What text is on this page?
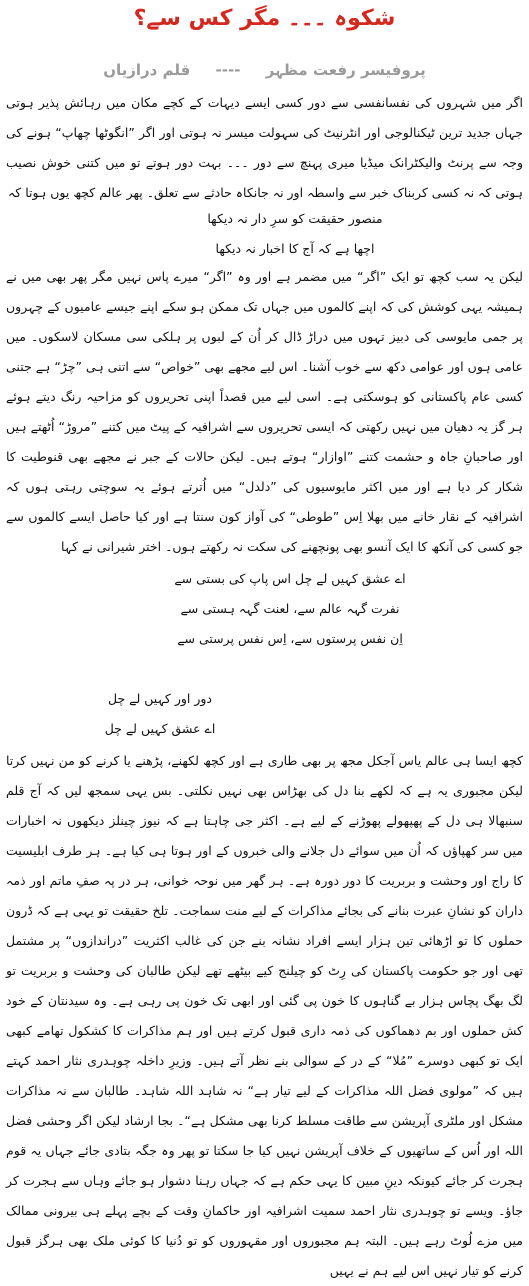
شکوہ ۔۔۔ مگر کس سے؟
پروفیسر رفعت مظہر ---- قلم درازیاں

اگر میں شہروں کی نفسانفسی سے دور کسی ایسے دیہات کے کچے مکان میں رہائش پذیر ہوتی جہاں جدید ترین ٹیکنالوجی اور انٹرنیٹ کی سہولت میسر نہ ہوتی اور اگر ”انگوٹھا چھاپ“ ہونے کی وجہ سے پرنٹ والیکٹرانک میڈیا میری پہنچ سے دور ۔۔۔ بہت دور ہوتے تو میں کتنی خوش نصیب ہوتی کہ نہ کسی کربناک خبر سے واسطہ اور نہ جانکاہ حادثے سے تعلق۔ پھر عالم کچھ یوں ہوتا کہ

منصور حقیقت کو سرِ دار نہ دیکھا
اچھا ہے کہ آج کا اخبار نہ دیکھا

لیکن یہ سب کچھ تو ایک ”اگر“ میں مضمر ہے اور وہ ”اگر“ میرے پاس نہیں مگر پھر بھی میں نے ہمیشہ یہی کوشش کی کہ اپنے کالموں میں جہاں تک ممکن ہو سکے اپنے جیسے عامیوں کے چہروں پر جمی مایوسی کی دبیز تہوں میں دراڑ ڈال کر اُن کے لبوں پر ہلکی سی مسکان لاسکوں۔ میں عامی ہوں اور عوامی دکھ سے خوب آشنا۔ اس لیے مجھے بھی ”خواص“ سے اتنی ہی ”چڑ“ ہے جتنی کسی عام پاکستانی کو ہوسکتی ہے۔ اسی لیے میں قصداً اپنی تحریروں کو مزاحیہ رنگ دیتے ہوئے ہر گز یہ دھیان میں نہیں رکھتی کہ ایسی تحریروں سے اشرافیہ کے پیٹ میں کتنے ”مروڑ“ اُٹھتے ہیں اور صاحبانِ جاہ و حشمت کتنے ”اوازار“ ہوتے ہیں۔ لیکن حالات کے جبر نے مجھے بھی قنوطیت کا شکار کر دیا ہے اور میں اکثر مایوسیوں کی ”دلدل“ میں اُترتے ہوئے یہ سوچتی رہتی ہوں کہ اشرافیہ کے نقار خانے میں بھلا اِس ”طوطی“ کی آواز کون سنتا ہے اور کیا حاصل ایسے کالموں سے جو کسی کی آنکھ کا ایک آنسو بھی پونچھنے کی سکت نہ رکھتے ہوں۔ اختر شیرانی نے کہا

اے عشق کہیں لے چل اس پاپ کی بستی سے
نفرت گہہ عالم سے، لعنت گہہ ہستی سے
اِن نفس پرستوں سے، اِس نفس پرستی سے
دور اور کہیں لے چل
اے عشق کہیں لے چل

کچھ ایسا ہی عالم یاس آجکل مجھ پر بھی طاری ہے اور کچھ لکھنے، پڑھنے یا کرنے کو من نہیں کرتا لیکن مجبوری یہ ہے کہ لکھے بنا دل کی بھڑاس بھی نہیں نکلتی۔ بس یہی سمجھ لیں کہ آج قلم سنبھالا ہی دل کے پھپھولے پھوڑنے کے لیے ہے۔ اکثر جی چاہتا ہے کہ نیوز چینلز دیکھوں نہ اخبارات میں سر کھپاؤں کہ اُن میں سوائے دل جلانے والی خبروں کے اور ہوتا ہی کیا ہے۔ ہر طرف ابلیسیت کا راج اور وحشت و بربریت کا دور دورہ ہے۔ ہر گھر میں نوحہ خوانی، ہر در پہ صفِ ماتم اور ذمہ داران کو نشانِ عبرت بنانے کی بجائے مذاکرات کے لیے منت سماجت۔ تلخ حقیقت تو یہی ہے کہ ڈرون حملوں کا تو اڑھائی تین ہزار ایسے افراد نشانہ بنے جن کی غالب اکثریت ”دراندازوں“ پر مشتمل تھی اور جو حکومت پاکستان کی رِٹ کو چیلنج کیے بیٹھے تھے لیکن طالبان کی وحشت و بربریت تو لگ بھگ پچاس ہزار بے گناہوں کا خون پی گئی اور ابھی تک خون پی رہی ہے۔ وہ سیدنتان کے خود کش حملوں اور بم دھماکوں کی ذمہ داری قبول کرتے ہیں اور ہم مذاکرات کا کشکول تھامے کبھی ایک تو کبھی دوسرے ”مُلا“ کے در کے سوالی بنے نظر آتے ہیں۔ وزیرِ داخلہ چوہدری نثار احمد کہتے ہیں کہ ”مولوی فضل اللہ مذاکرات کے لیے تیار ہے“ نہ شاہد اللہ شاہد۔ طالبان سے نہ مذاکرات مشکل اور ملٹری آپریشن سے طاقت مسلط کرنا بھی مشکل ہے“۔ بجا ارشاد لیکن اگر وحشی فضل اللہ اور اُس کے ساتھیوں کے خلاف آپریشن نہیں کیا جا سکتا تو پھر وہ جگہ بتادی جائے جہاں یہ قوم ہجرت کر جائے کیونکہ دینِ مبین کا یہی حکم ہے کہ جہاں رہنا دشوار ہو جائے وہاں سے ہجرت کر جاؤ۔ ویسے تو چوہدری نثار احمد سمیت اشرافیہ اور حاکمانِ وقت کے بچے پہلے ہی بیرونی ممالک میں مزے لُوٹ رہے ہیں۔ البتہ ہم مجبوروں اور مقہوروں کو تو دُنیا کا کوئی ملک بھی ہرگز قبول کرنے کو تیار نہیں اس لیے ہم نے یہیں
